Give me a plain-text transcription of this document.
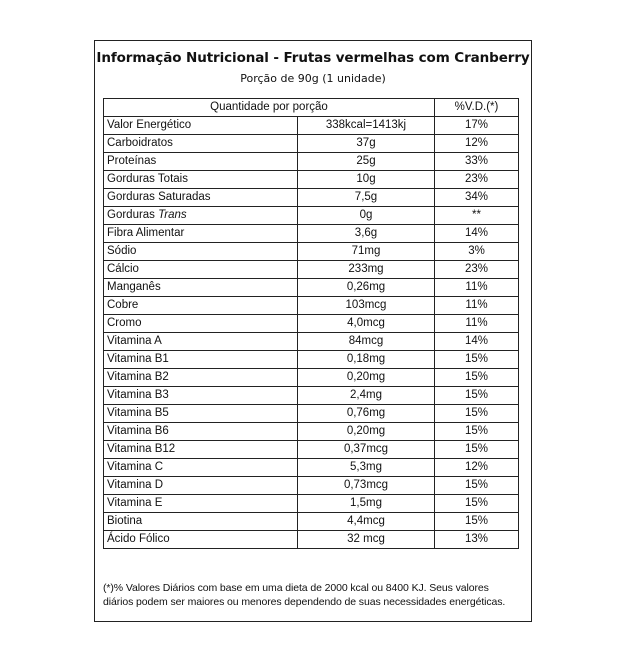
Informação Nutricional - Frutas vermelhas com Cranberry
Porção de 90g (1 unidade)
Quantidade por porção		%V.D.(*)
Valor Energético	338kcal=1413kj	17%
Carboidratos	37g	12%
Proteínas	25g	33%
Gorduras Totais	10g	23%
Gorduras Saturadas	7,5g	34%
Gorduras Trans	0g	**
Fibra Alimentar	3,6g	14%
Sódio	71mg	3%
Cálcio	233mg	23%
Manganês	0,26mg	11%
Cobre	103mcg	11%
Cromo	4,0mcg	11%
Vitamina A	84mcg	14%
Vitamina B1	0,18mg	15%
Vitamina B2	0,20mg	15%
Vitamina B3	2,4mg	15%
Vitamina B5	0,76mg	15%
Vitamina B6	0,20mg	15%
Vitamina B12	0,37mcg	15%
Vitamina C	5,3mg	12%
Vitamina D	0,73mcg	15%
Vitamina E	1,5mg	15%
Biotina	4,4mcg	15%
Ácido Fólico	32 mcg	13%
(*)% Valores Diários com base em uma dieta de 2000 kcal ou 8400 KJ. Seus valores diários podem ser maiores ou menores dependendo de suas necessidades energéticas.
